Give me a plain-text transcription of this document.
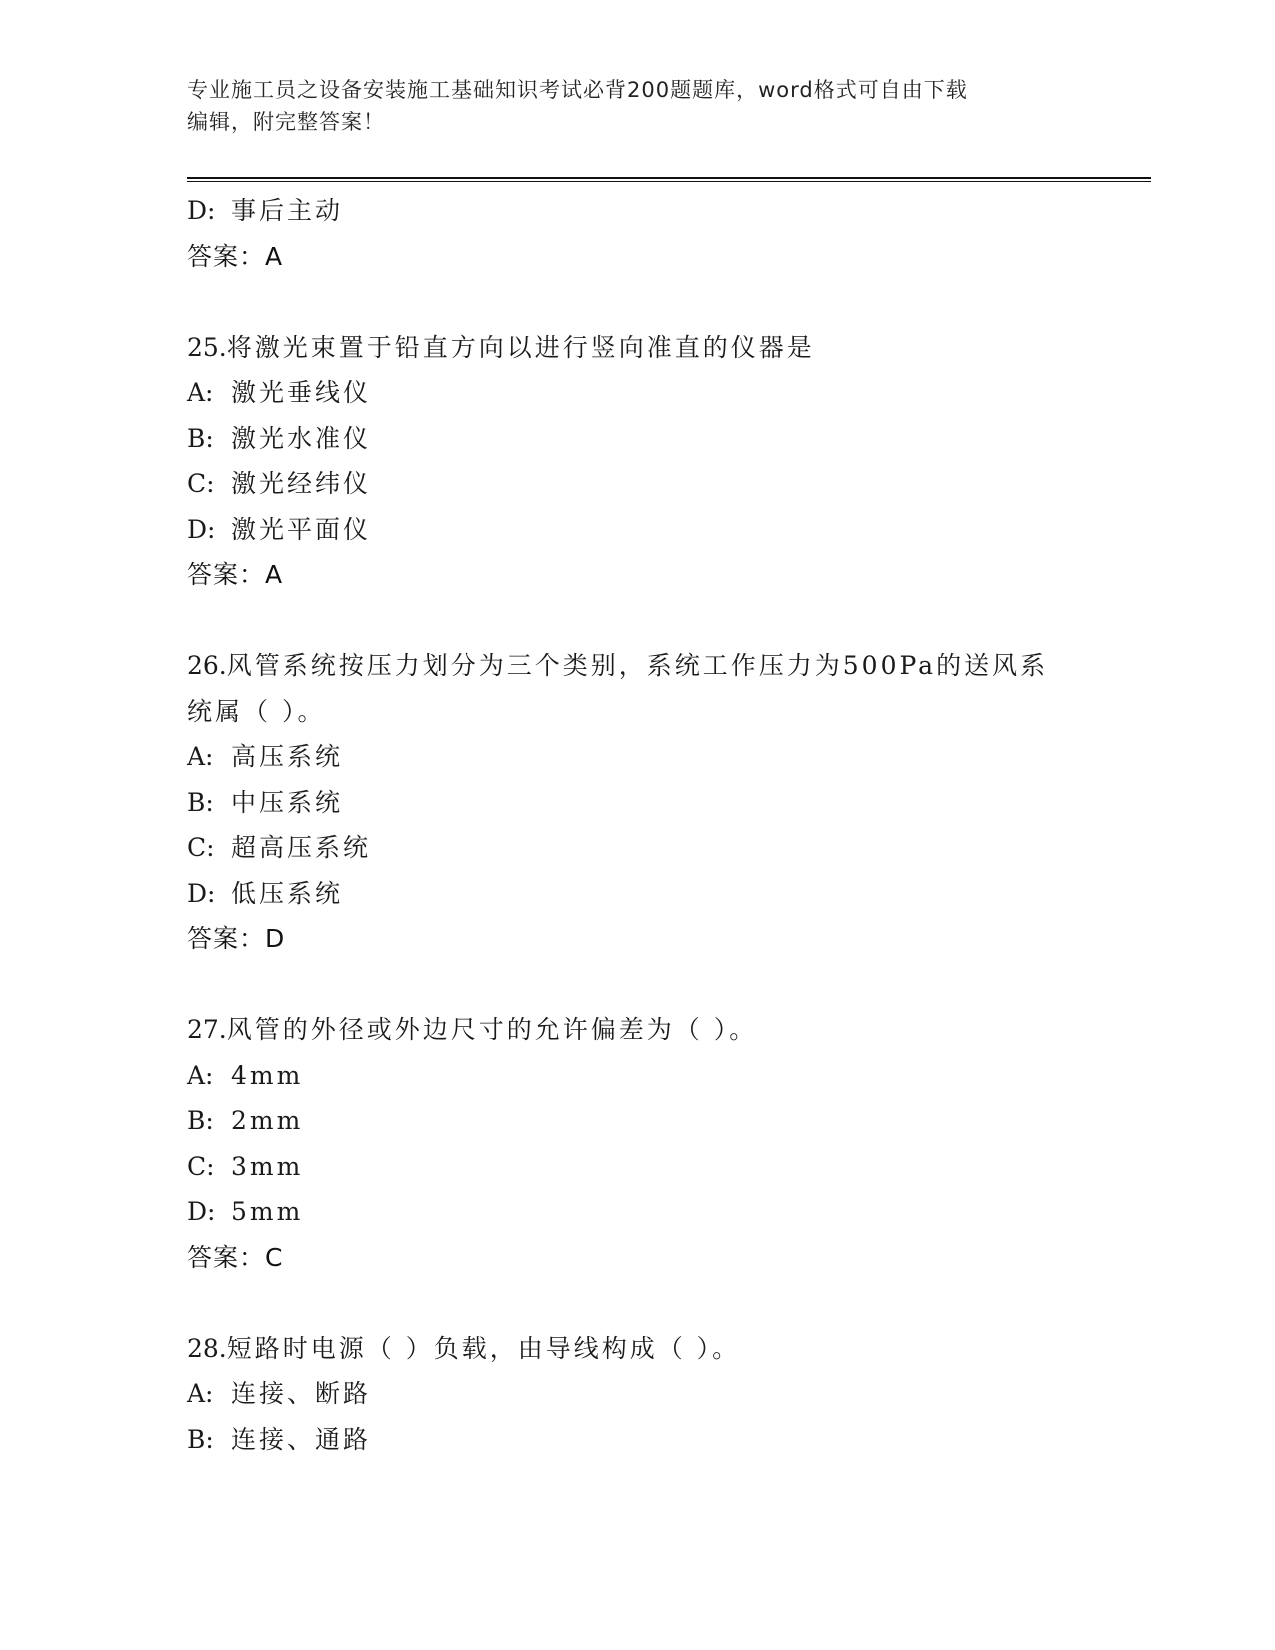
专业施工员之设备安装施工基础知识考试必背200题题库，word格式可自由下载
编辑，附完整答案！
D: 事后主动
答案：A
25.将激光束置于铅直方向以进行竖向准直的仪器是
A: 激光垂线仪
B: 激光水准仪
C: 激光经纬仪
D: 激光平面仪
答案：A
26.风管系统按压力划分为三个类别，系统工作压力为500Pa的送风系
统属（ ）。
A: 高压系统
B: 中压系统
C: 超高压系统
D: 低压系统
答案：D
27.风管的外径或外边尺寸的允许偏差为（ ）。
A: 4mm
B: 2mm
C: 3mm
D: 5mm
答案：C
28.短路时电源（ ）负载，由导线构成（ ）。
A: 连接、断路
B: 连接、通路
